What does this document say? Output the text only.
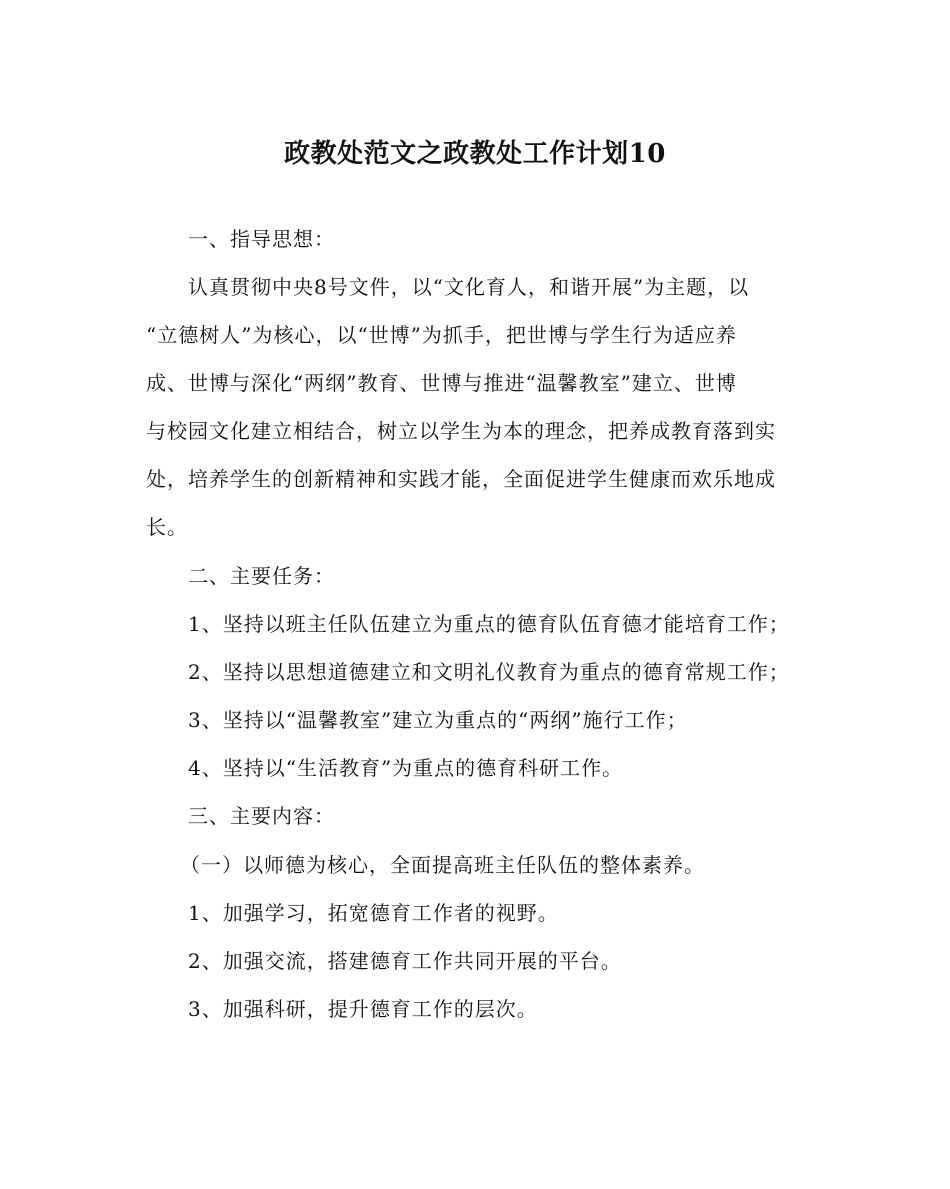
政教处范文之政教处工作计划10
一、指导思想：
认真贯彻中央8号文件，以“文化育人，和谐开展”为主题，以
“立德树人”为核心，以“世博”为抓手，把世博与学生行为适应养
成、世博与深化“两纲”教育、世博与推进“温馨教室”建立、世博
与校园文化建立相结合，树立以学生为本的理念，把养成教育落到实
处，培养学生的创新精神和实践才能，全面促进学生健康而欢乐地成
长。
二、主要任务：
1、坚持以班主任队伍建立为重点的德育队伍育德才能培育工作；
2、坚持以思想道德建立和文明礼仪教育为重点的德育常规工作；
3、坚持以“温馨教室”建立为重点的“两纲”施行工作；
4、坚持以“生活教育”为重点的德育科研工作。
三、主要内容：
（一）以师德为核心，全面提高班主任队伍的整体素养。
1、加强学习，拓宽德育工作者的视野。
2、加强交流，搭建德育工作共同开展的平台。
3、加强科研，提升德育工作的层次。
